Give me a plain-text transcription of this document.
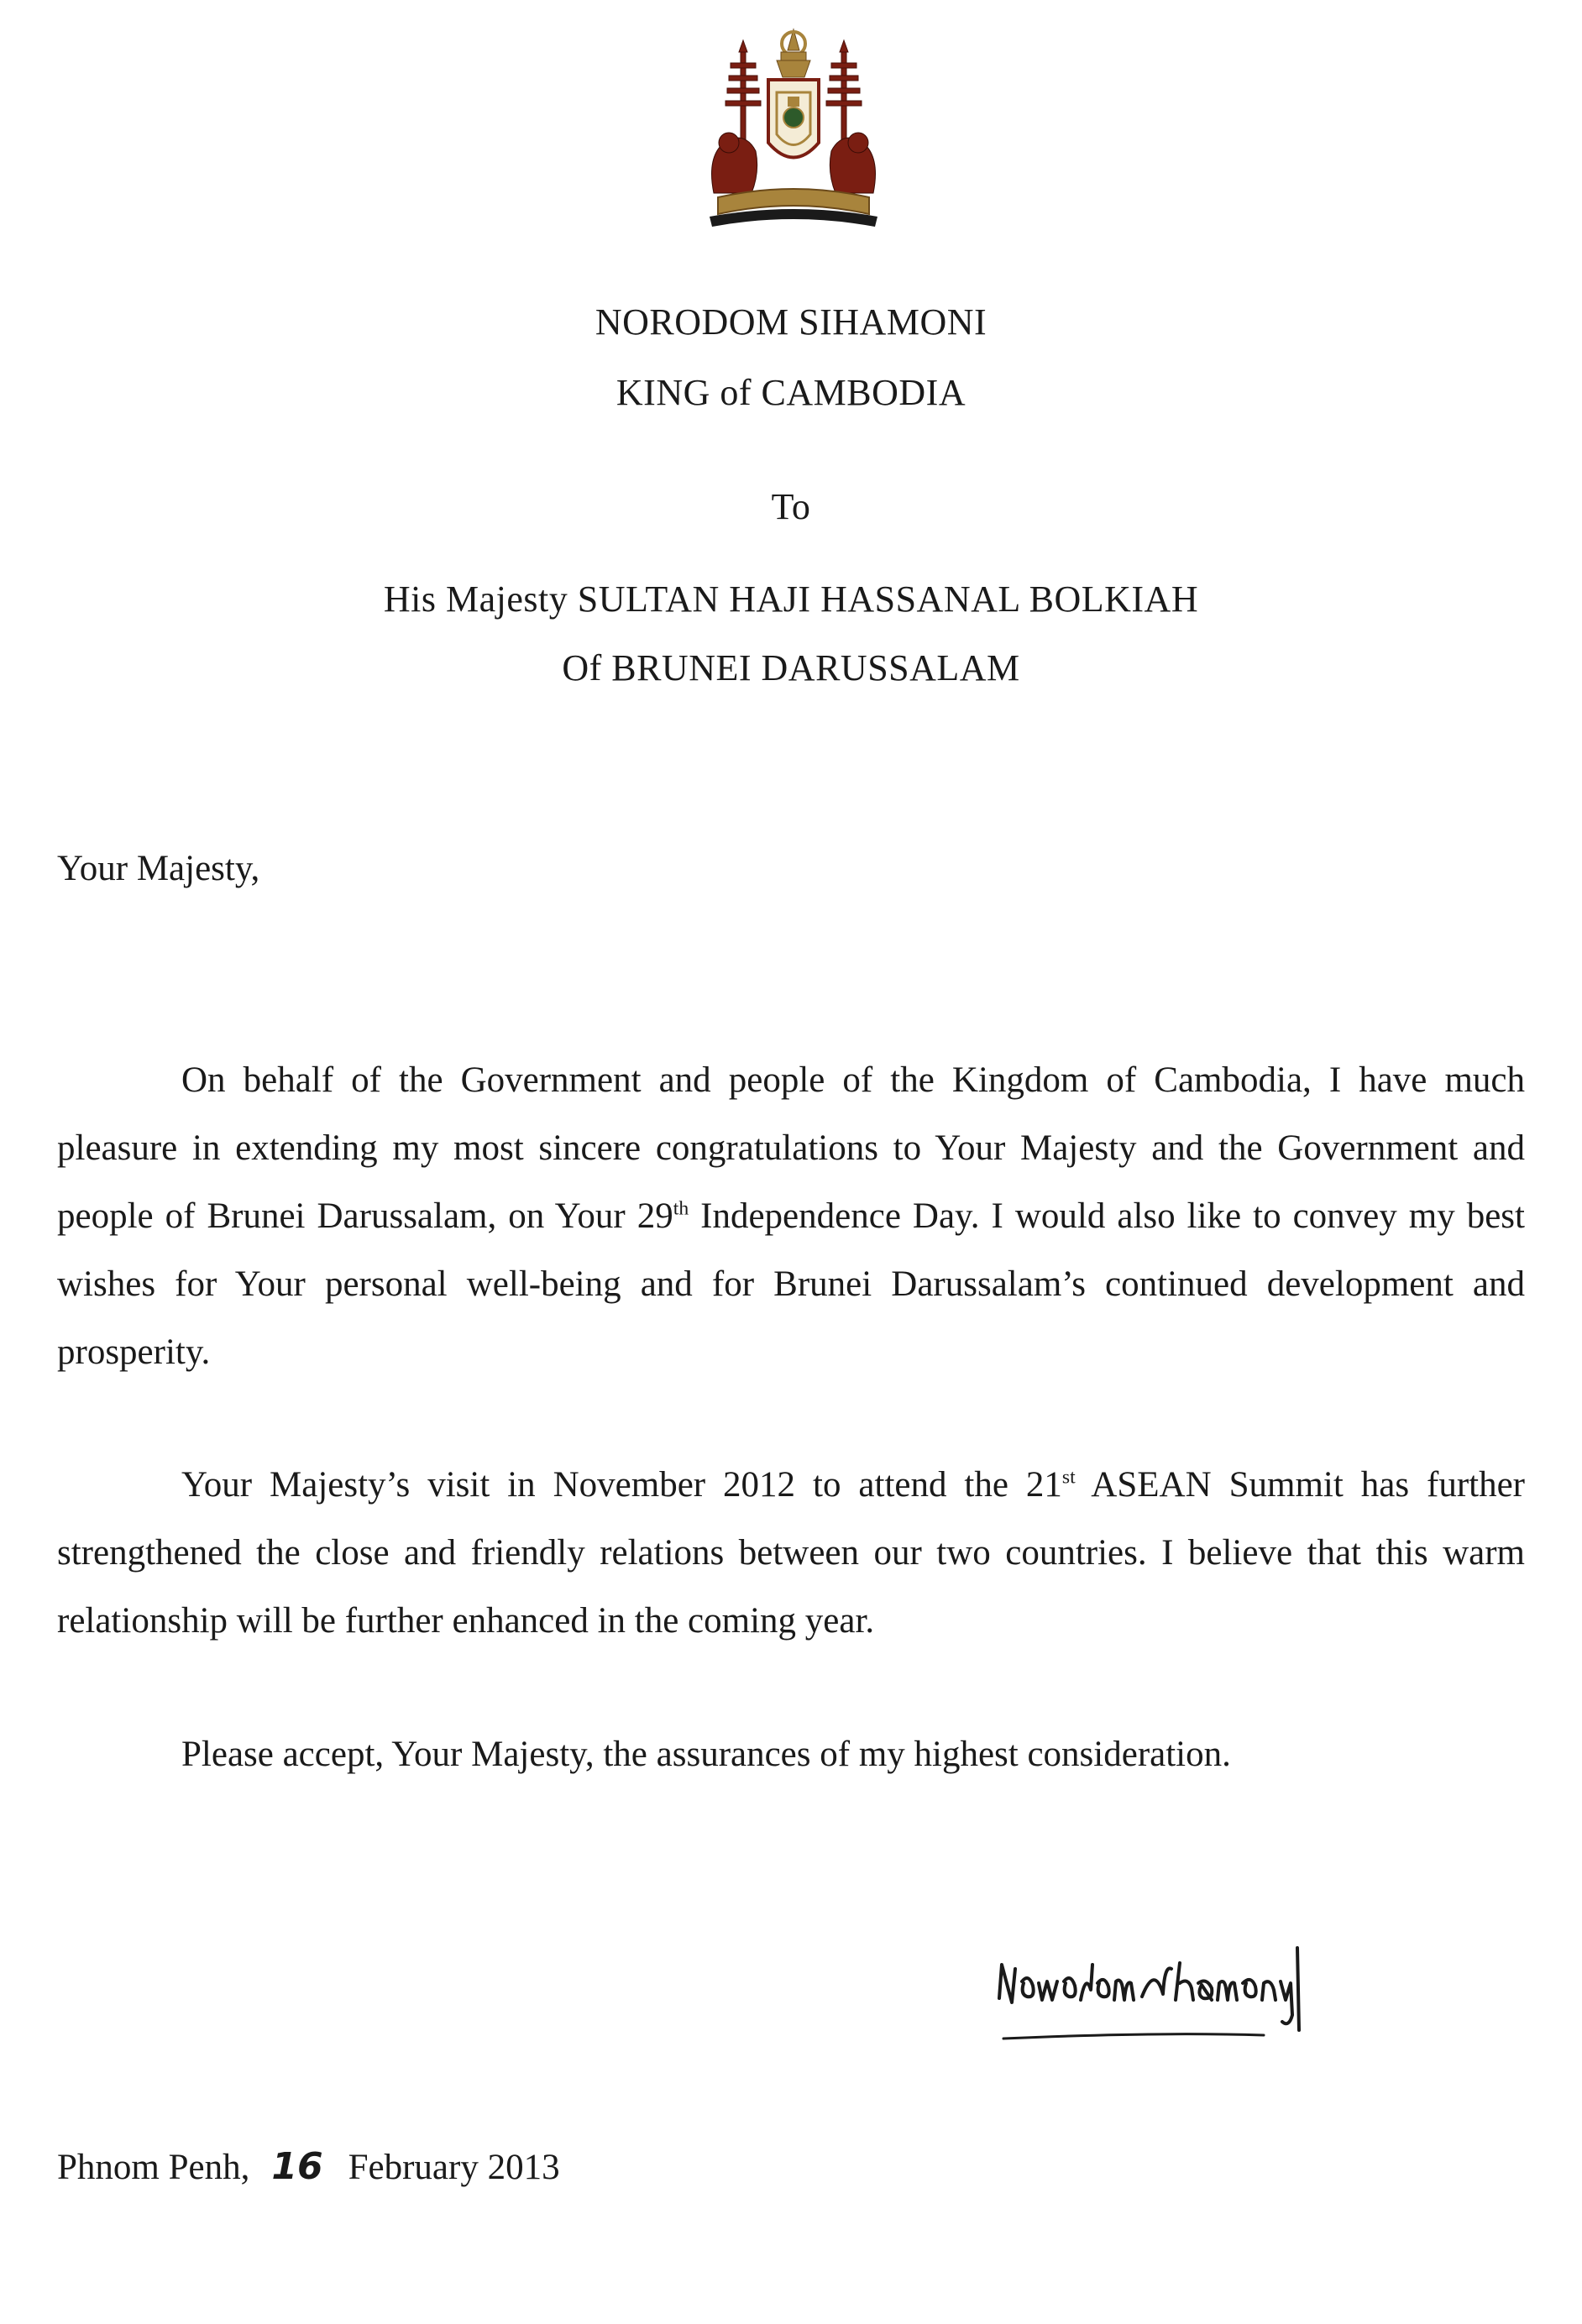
NORODOM SIHAMONI
KING of CAMBODIA
To
His Majesty SULTAN HAJI HASSANAL BOLKIAH
Of BRUNEI DARUSSALAM
Your Majesty,
On behalf of the Government and people of the Kingdom of Cambodia, I have much pleasure in extending my most sincere congratulations to Your Majesty and the Government and people of Brunei Darussalam, on Your 29th Independence Day. I would also like to convey my best wishes for Your personal well-being and for Brunei Darussalam’s continued development and prosperity.
Your Majesty’s visit in November 2012 to attend the 21st ASEAN Summit has further strengthened the close and friendly relations between our two countries. I believe that this warm relationship will be further enhanced in the coming year.
Please accept, Your Majesty, the assurances of my highest consideration.
Phnom Penh, 16 February 2013
